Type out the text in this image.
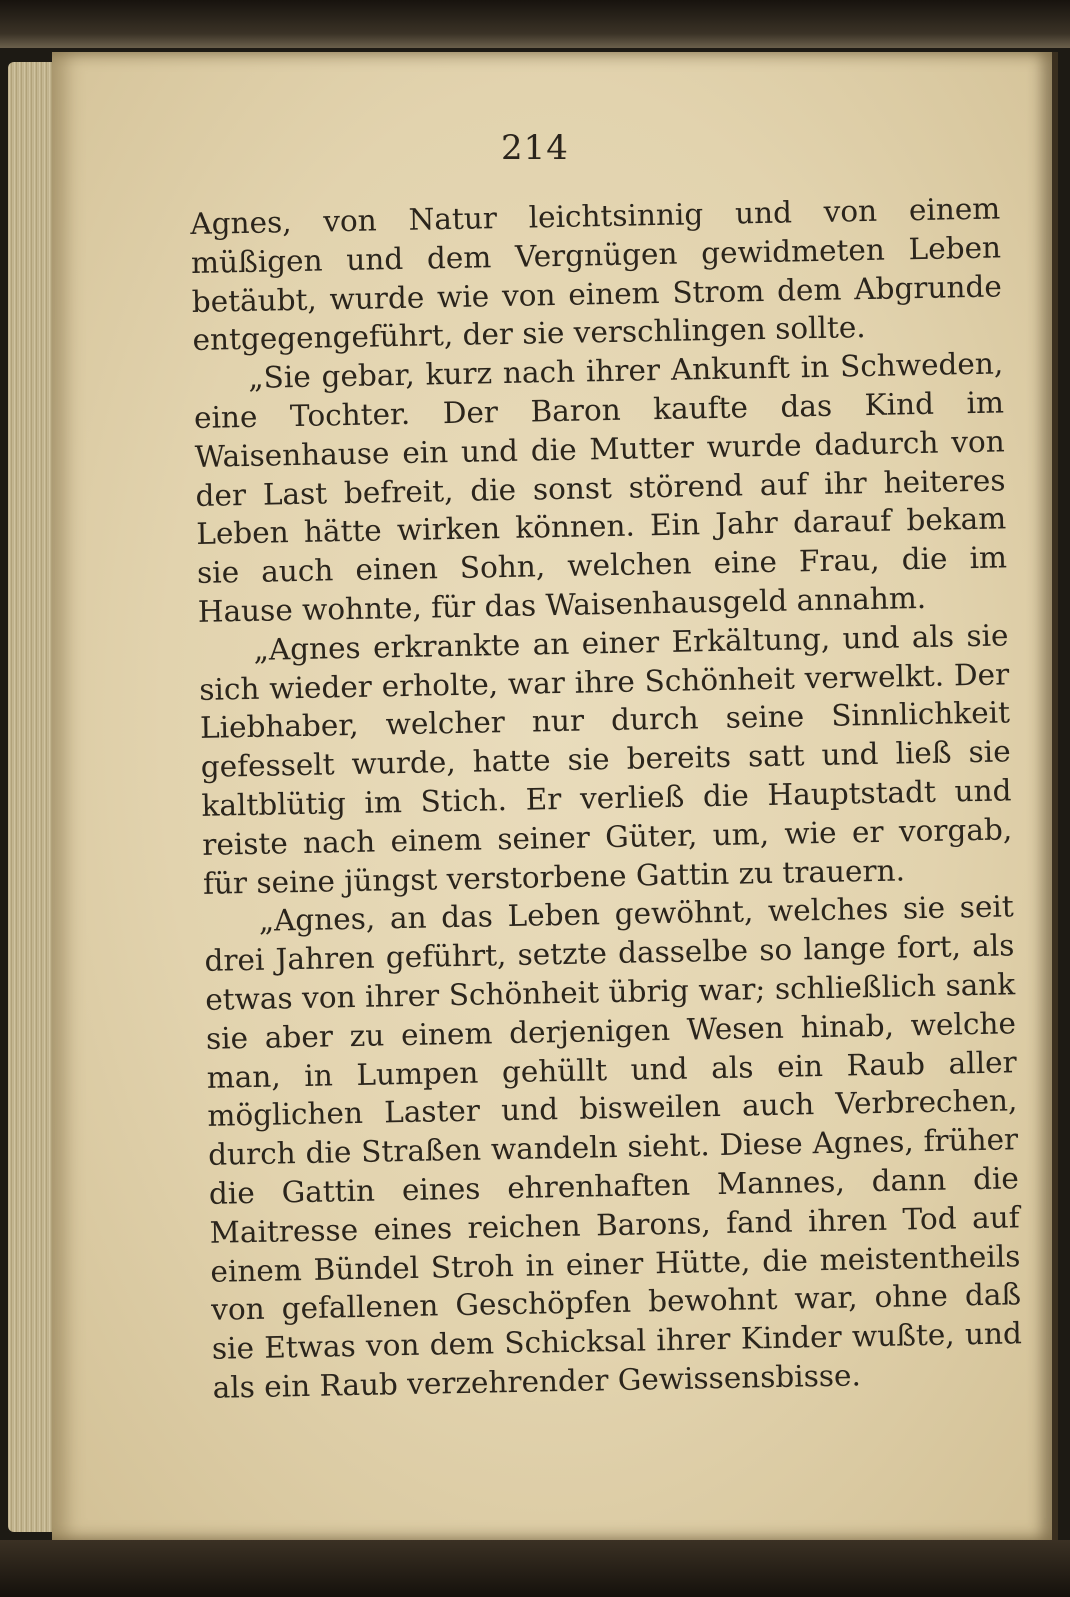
214

Agnes, von Natur leichtsinnig und von einem müßigen und dem Vergnügen gewidmeten Leben betäubt, wurde wie von einem Strom dem Abgrunde entgegengeführt, der sie verschlingen sollte.

„Sie gebar, kurz nach ihrer Ankunft in Schweden, eine Tochter. Der Baron kaufte das Kind im Waisenhause ein und die Mutter wurde dadurch von der Last befreit, die sonst störend auf ihr heiteres Leben hätte wirken können. Ein Jahr darauf bekam sie auch einen Sohn, welchen eine Frau, die im Hause wohnte, für das Waisenhausgeld annahm.

„Agnes erkrankte an einer Erkältung, und als sie sich wieder erholte, war ihre Schönheit verwelkt. Der Liebhaber, welcher nur durch seine Sinnlichkeit gefesselt wurde, hatte sie bereits satt und ließ sie kaltblütig im Stich. Er verließ die Hauptstadt und reiste nach einem seiner Güter, um, wie er vorgab, für seine jüngst verstorbene Gattin zu trauern.

„Agnes, an das Leben gewöhnt, welches sie seit drei Jahren geführt, setzte dasselbe so lange fort, als etwas von ihrer Schönheit übrig war; schließlich sank sie aber zu einem derjenigen Wesen hinab, welche man, in Lumpen gehüllt und als ein Raub aller möglichen Laster und bisweilen auch Verbrechen, durch die Straßen wandeln sieht. Diese Agnes, früher die Gattin eines ehrenhaften Mannes, dann die Maitresse eines reichen Barons, fand ihren Tod auf einem Bündel Stroh in einer Hütte, die meistentheils von gefallenen Geschöpfen bewohnt war, ohne daß sie Etwas von dem Schicksal ihrer Kinder wußte, und als ein Raub verzehrender Gewissensbisse.
